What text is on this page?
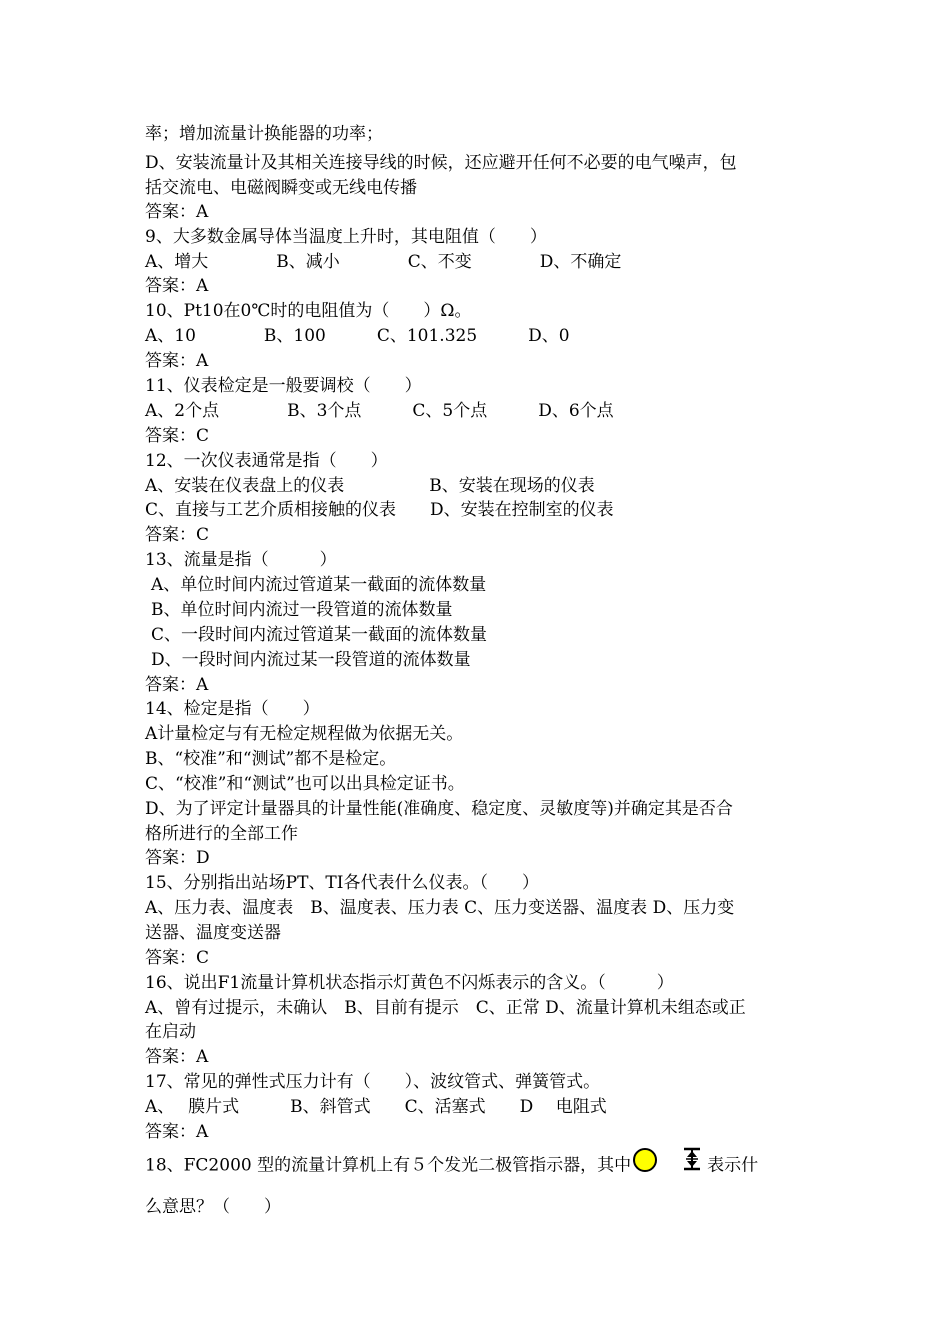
率；增加流量计换能器的功率；
D、安装流量计及其相关连接导线的时候，还应避开任何不必要的电气噪声，包
括交流电、电磁阀瞬变或无线电传播
答案：A
9、大多数金属导体当温度上升时，其电阻值（　　）
A、增大　　　　B、减小　　　　C、不变　　　　D、不确定
答案：A
10、Pt10在0℃时的电阻值为（　　）Ω。
A、10　　　　B、100　　　C、101.325　　　D、0
答案：A
11、仪表检定是一般要调校（　　）
A、2个点　　　　B、3个点　　　C、5个点　　　D、6个点
答案：C
12、一次仪表通常是指（　　）
A、安装在仪表盘上的仪表　　　　　B、安装在现场的仪表
C、直接与工艺介质相接触的仪表　　D、安装在控制室的仪表
答案：C
13、流量是指（　　　）
A、单位时间内流过管道某一截面的流体数量
B、单位时间内流过一段管道的流体数量
C、一段时间内流过管道某一截面的流体数量
D、一段时间内流过某一段管道的流体数量
答案：A
14、检定是指（　　）
A计量检定与有无检定规程做为依据无关。
B、“校准”和“测试”都不是检定。
C、“校准”和“测试”也可以出具检定证书。
D、为了评定计量器具的计量性能(准确度、稳定度、灵敏度等)并确定其是否合
格所进行的全部工作
答案：D
15、分别指出站场PT、TI各代表什么仪表。（　　）
A、压力表、温度表　B、温度表、压力表 C、压力变送器、温度表 D、压力变
送器、温度变送器
答案：C
16、说出F1流量计算机状态指示灯黄色不闪烁表示的含义。（　　　）
A、曾有过提示，未确认　B、目前有提示　C、正常 D、流量计算机未组态或正
在启动
答案：A
17、常见的弹性式压力计有（　　）、波纹管式、弹簧管式。
A、　 膜片式　　　B、斜管式　　C、活塞式　　D　 电阻式
答案：A
18、FC2000 型的流量计算机上有５个发光二极管指示器，其中	表示什
么意思？（　　）
